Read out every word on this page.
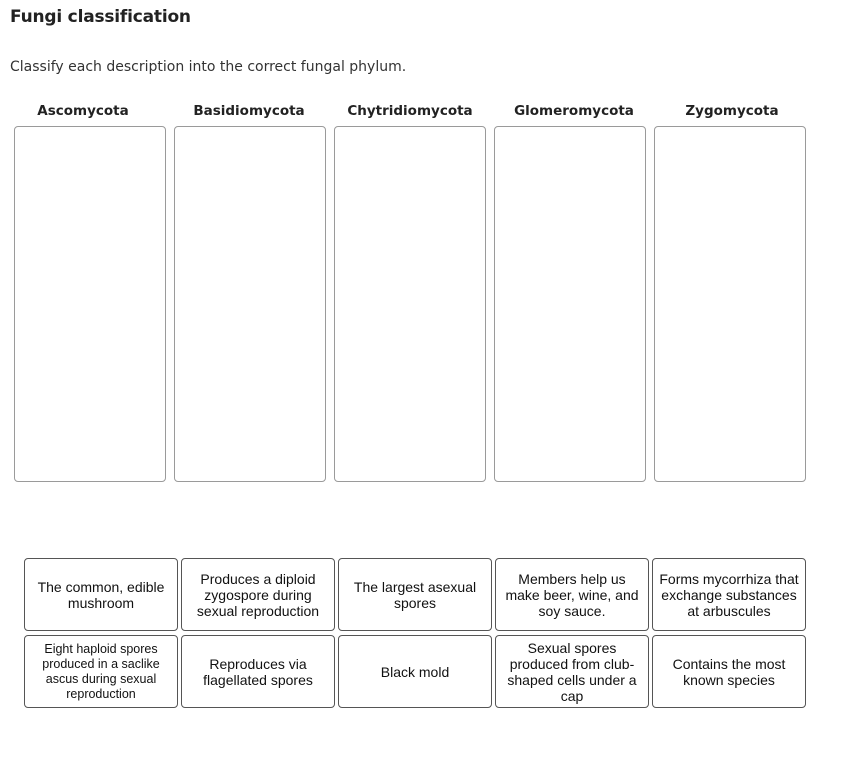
Fungi classification
Classify each description into the correct fungal phylum.
Ascomycota	Basidiomycota	Chytridiomycota	Glomeromycota	Zygomycota
The common, edible mushroom
Produces a diploid zygospore during sexual reproduction
The largest asexual spores
Members help us make beer, wine, and soy sauce.
Forms mycorrhiza that exchange substances at arbuscules
Eight haploid spores produced in a saclike ascus during sexual reproduction
Reproduces via flagellated spores	Black mold
Sexual spores produced from club-shaped cells under a cap
Contains the most known species
